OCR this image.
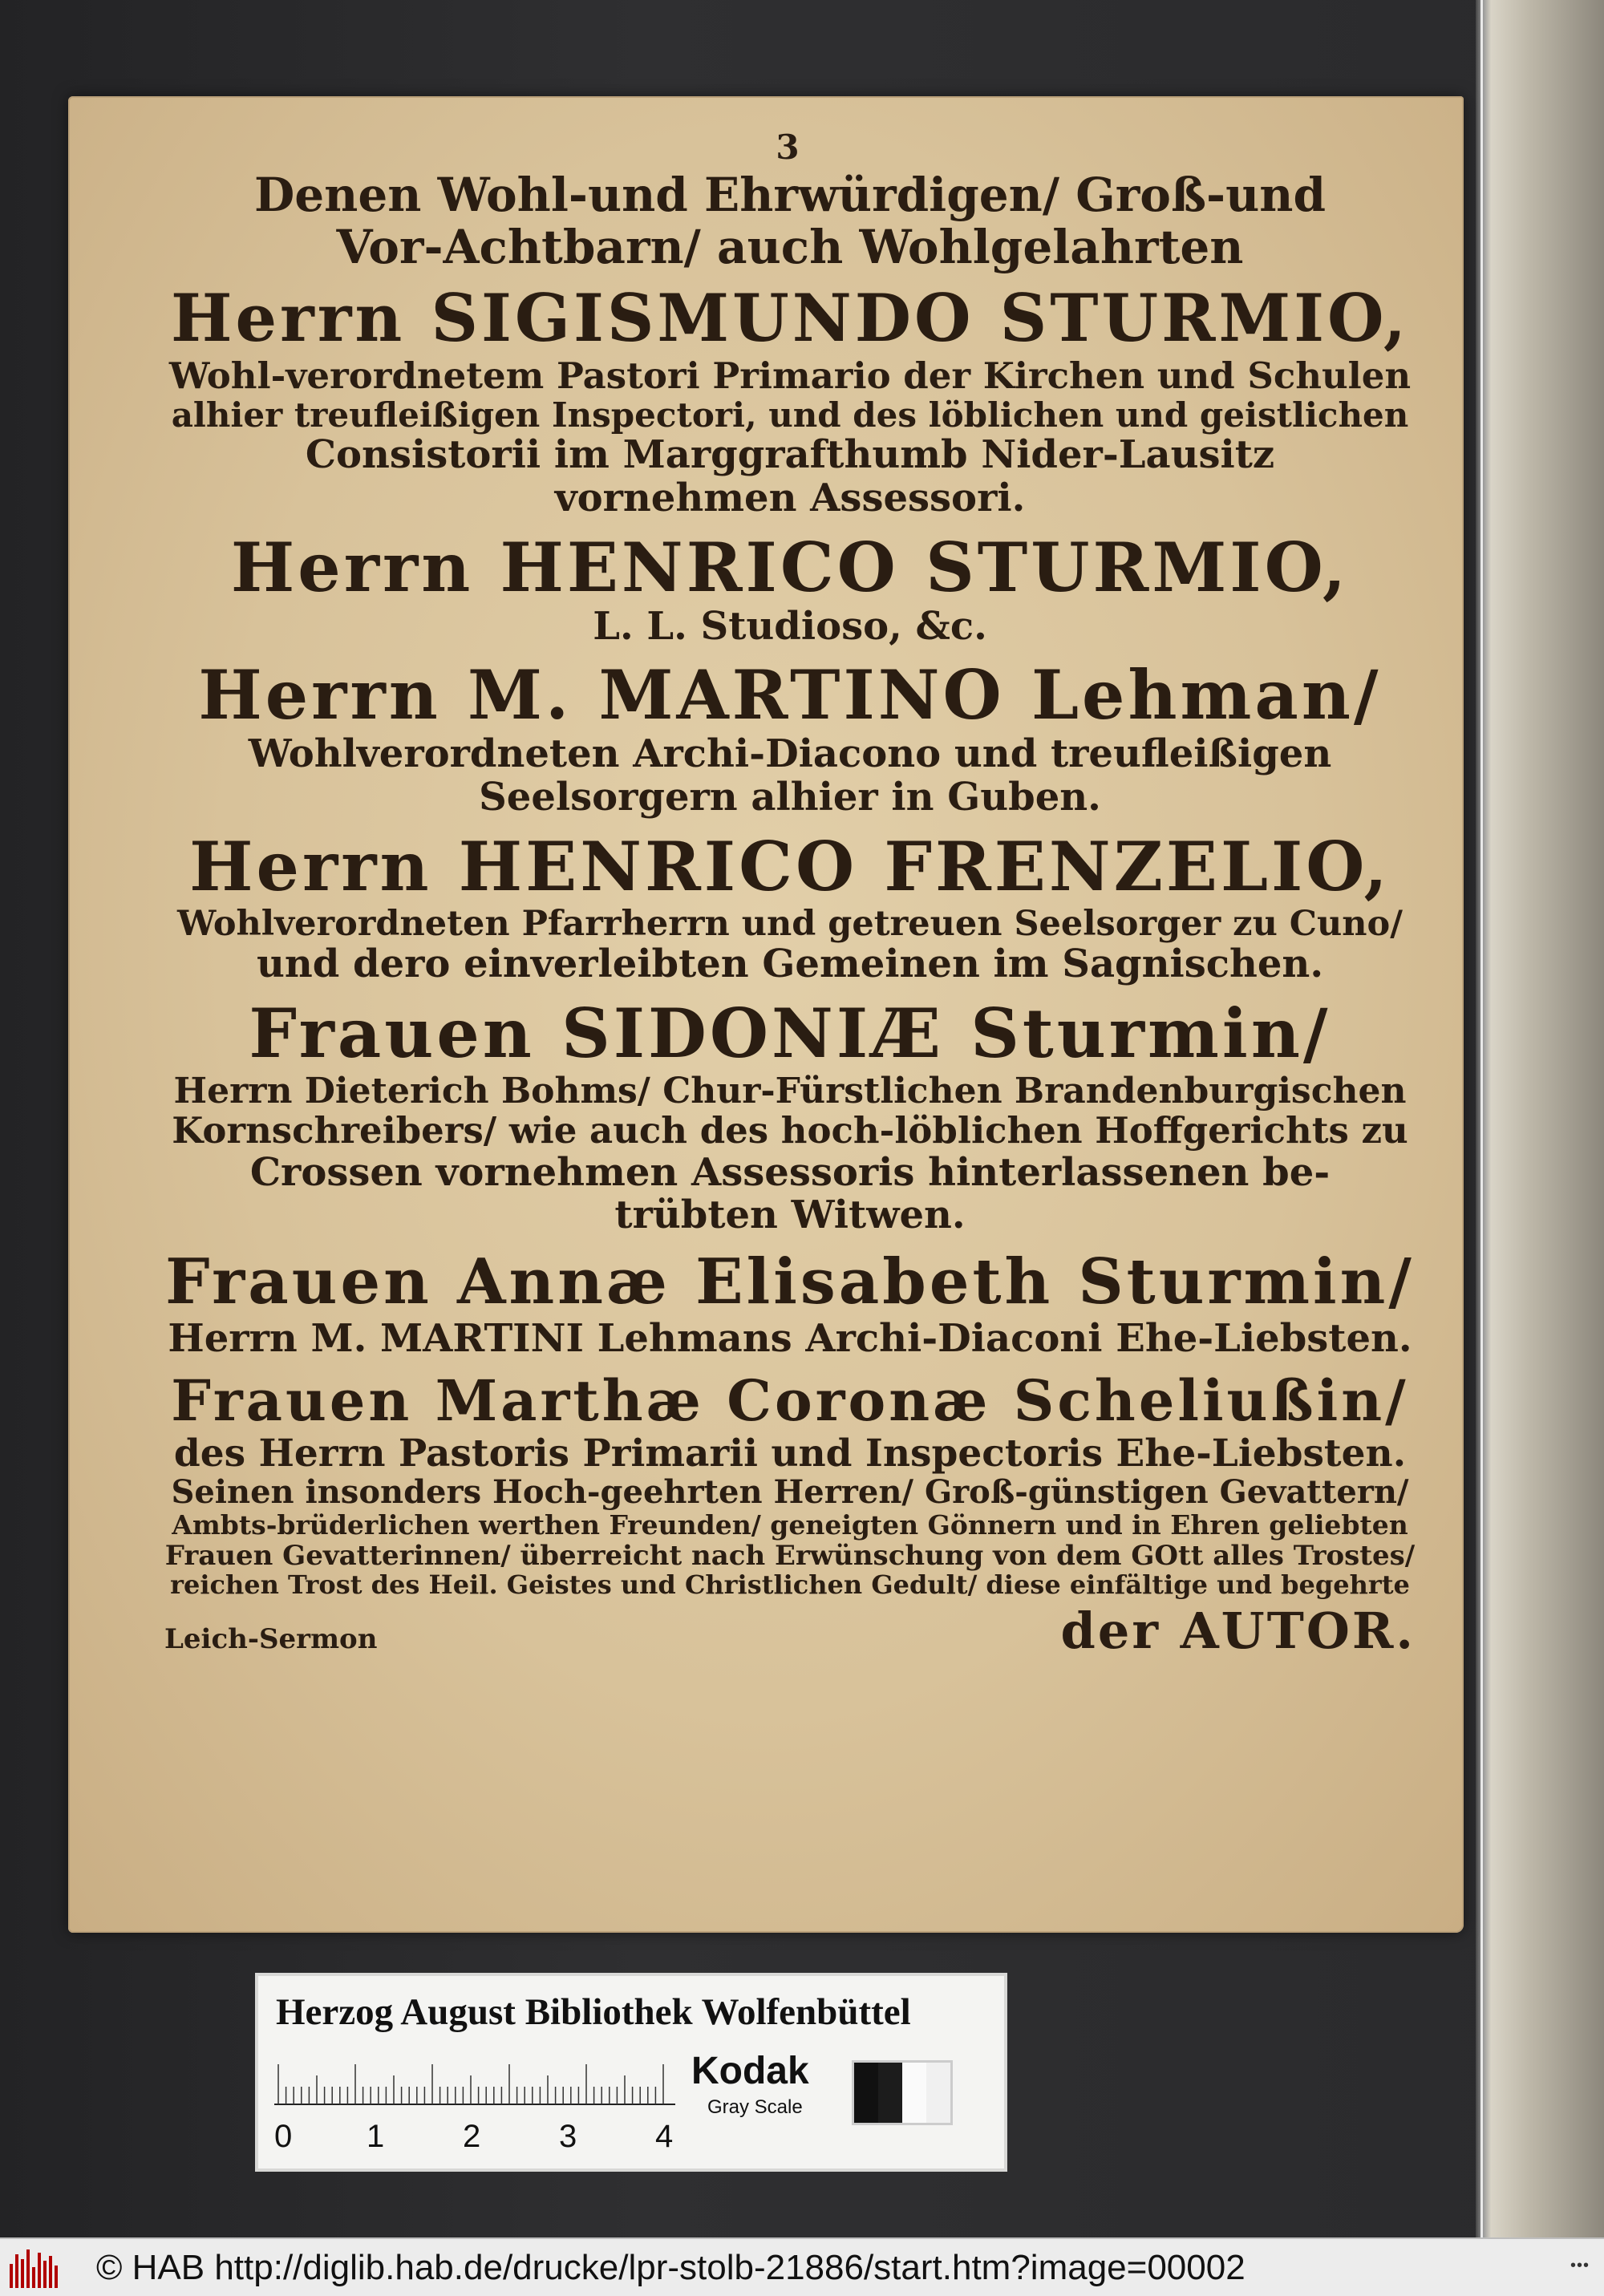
3
Denen Wohl-und Ehrwürdigen/ Groß-und
Vor-Achtbarn/ auch Wohlgelahrten
Herrn SIGISMUNDO STURMIO,
Wohl-verordnetem Pastori Primario der Kirchen und Schulen
alhier treufleißigen Inspectori, und des löblichen und geistlichen
Consistorii im Marggrafthumb Nider-Lausitz
vornehmen Assessori.
Herrn HENRICO STURMIO,
L. L. Studioso, &c.
Herrn M. MARTINO Lehman/
Wohlverordneten Archi-Diacono und treufleißigen
Seelsorgern alhier in Guben.
Herrn HENRICO FRENZELIO,
Wohlverordneten Pfarrherrn und getreuen Seelsorger zu Cuno/
und dero einverleibten Gemeinen im Sagnischen.
Frauen SIDONIÆ Sturmin/
Herrn Dieterich Bohms/ Chur-Fürstlichen Brandenburgischen
Kornschreibers/ wie auch des hoch-löblichen Hoffgerichts zu
Crossen vornehmen Assessoris hinterlassenen be-
trübten Witwen.
Frauen Annæ Elisabeth Sturmin/
Herrn M. MARTINI Lehmans Archi-Diaconi Ehe-Liebsten.
Frauen Marthæ Coronæ Scheliußin/
des Herrn Pastoris Primarii und Inspectoris Ehe-Liebsten.
Seinen insonders Hoch-geehrten Herren/ Groß-günstigen Gevattern/
Ambts-brüderlichen werthen Freunden/ geneigten Gönnern und in Ehren geliebten
Frauen Gevatterinnen/ überreicht nach Erwünschung von dem GOtt alles Trostes/
reichen Trost des Heil. Geistes und Christlichen Gedult/ diese einfältige und begehrte
Leich-Sermon	der AUTOR.
Herzog August Bibliothek Wolfenbüttel
0 1 2 3 4
Kodak
Gray Scale
© HAB http://diglib.hab.de/drucke/lpr-stolb-21886/start.htm?image=00002	•••
